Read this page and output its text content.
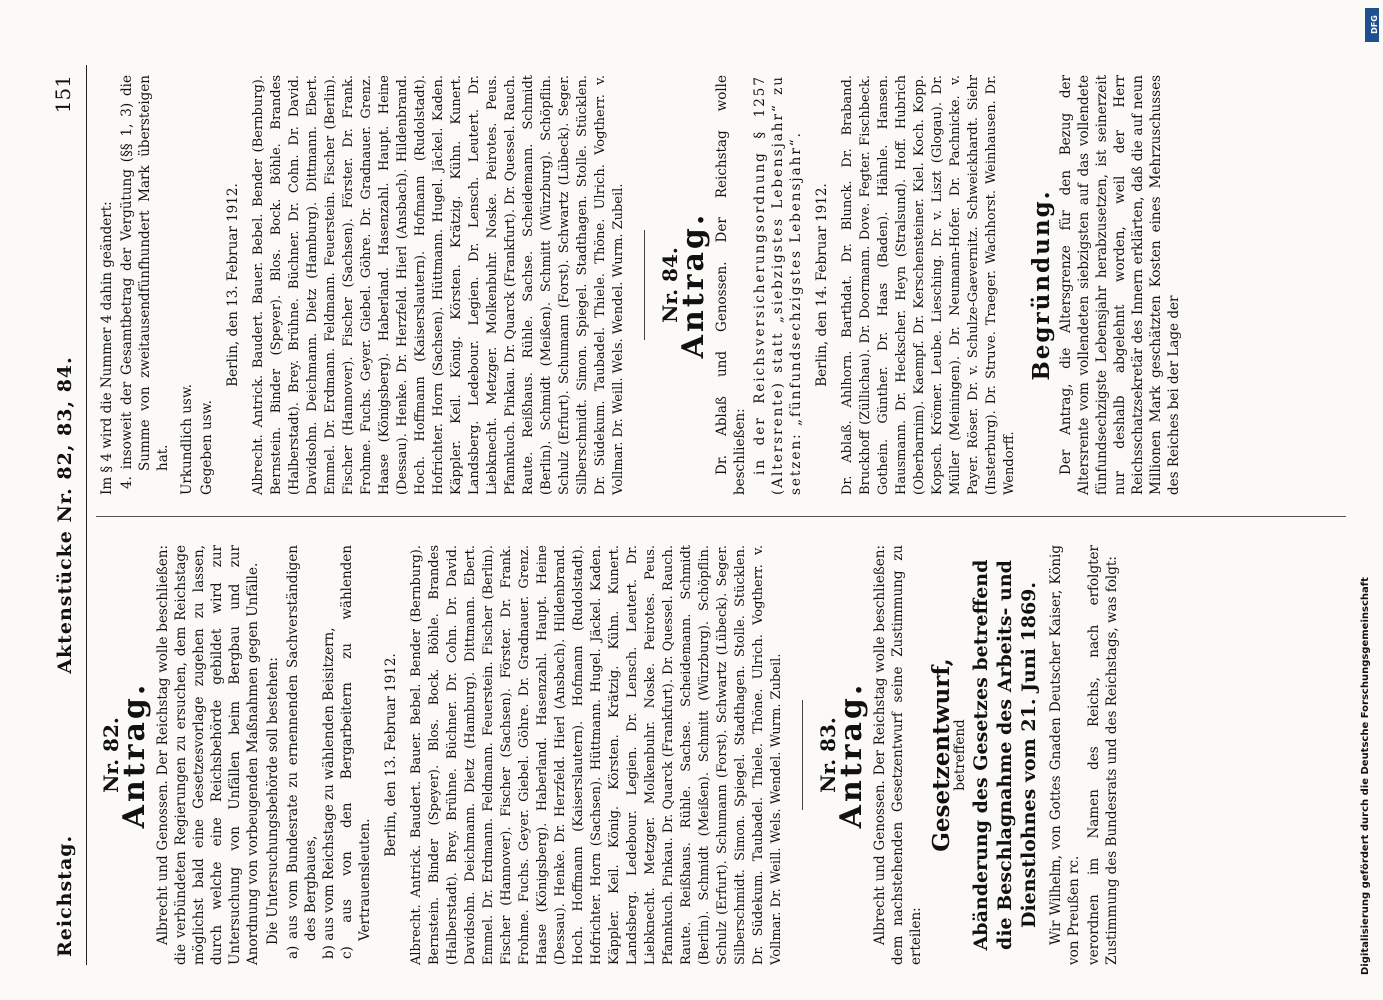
Reichstag.
Aktenstücke Nr. 82, 83, 84.
151
Nr. 82.
Antrag. Albrecht und Genossen. Der Reichstag wolle beschließen: die verbündeten Regierungen zu ersuchen, dem Reichstage möglichst bald eine Gesetzesvorlage zugehen zu lassen, durch welche eine Reichsbehörde gebildet wird zur Untersuchung von Unfällen beim Bergbau und zur Anordnung von vorbeugenden Maßnahmen gegen Unfälle. Die Untersuchungsbehörde soll bestehen: a) aus vom Bundesrate zu ernennenden Sachverständigen des Bergbaues, b) aus vom Reichstage zu wählenden Beisitzern, c) aus von den Bergarbeitern zu wählenden Vertrauensleuten.
Berlin, den 13. Februar 1912. Albrecht. Antrick. Baudert. Bauer. Bebel. Bender (Bernburg). Bernstein. Binder (Speyer). Blos. Bock. Böhle. Brandes (Halberstadt). Brey. Brühne. Büchner. Dr. Cohn. Dr. David. Davidsohn. Deichmann. Dietz (Hamburg). Dittmann. Ebert. Emmel. Dr. Erdmann. Feldmann. Feuerstein. Fischer (Berlin). Fischer (Hannover). Fischer (Sachsen). Förster. Dr. Frank. Frohme. Fuchs. Geyer. Giebel. Göhre. Dr. Gradnauer. Grenz. Haase (Königsberg). Haberland. Hasenzahl. Haupt. Heine (Dessau). Henke. Dr. Herzfeld. Hierl (Ansbach). Hildenbrand. Hoch. Hoffmann (Kaiserslautern). Hofmann (Rudolstadt). Hofrichter. Horn (Sachsen). Hüttmann. Hugel. Jäckel. Kaden. Käppler. Keil. König. Körsten. Krätzig. Kühn. Kunert. Landsberg. Ledebour. Legien. Dr. Lensch. Leutert. Dr. Liebknecht. Metzger. Molkenbuhr. Noske. Peirotes. Peus. Pfannkuch. Pinkau. Dr. Quarck (Frankfurt). Dr. Quessel. Rauch. Raute. Reißhaus. Rühle. Sachse. Scheidemann. Schmidt (Berlin). Schmidt (Meißen). Schmitt (Würzburg). Schöpflin. Schulz (Erfurt). Schumann (Forst). Schwartz (Lübeck). Seger. Silberschmidt. Simon. Spiegel. Stadthagen. Stolle. Stücklen. Dr. Südekum. Taubadel. Thiele. Thöne. Ulrich. Vogtherr. v. Vollmar. Dr. Weill. Wels. Wendel. Wurm. Zubeil. Nr. 83.
Antrag. Albrecht und Genossen. Der Reichstag wolle beschließen: dem nachstehenden Gesetzentwurf seine Zustimmung zu erteilen:
Gesetzentwurf,
betreffend Abänderung des Gesetzes betreffend die Beschlagnahme des Arbeits- und Dienstlohnes vom 21. Juni 1869. Wir Wilhelm, von Gottes Gnaden Deutscher Kaiser, König von Preußen rc. verordnen im Namen des Reichs, nach erfolgter Zustimmung des Bundesrats und des Reichstags, was folgt:
Im § 4 wird die Nummer 4 dahin geändert: 4. insoweit der Gesamtbetrag der Vergütung (§§ 1, 3) die Summe von zweitausendfünfhundert Mark übersteigen hat. Urkundlich usw. Gegeben usw.
Berlin, den 13. Februar 1912. Albrecht. Antrick. Baudert. Bauer. Bebel. Bender (Bernburg). Bernstein. Binder (Speyer). Blos. Bock. Böhle. Brandes (Halberstadt). Brey. Brühne. Büchner. Dr. Cohn. Dr. David. Davidsohn. Deichmann. Dietz (Hamburg). Dittmann. Ebert. Emmel. Dr. Erdmann. Feldmann. Feuerstein. Fischer (Berlin). Fischer (Hannover). Fischer (Sachsen). Förster. Dr. Frank. Frohme. Fuchs. Geyer. Giebel. Göhre. Dr. Gradnauer. Grenz. Haase (Königsberg). Haberland. Hasenzahl. Haupt. Heine (Dessau). Henke. Dr. Herzfeld. Hierl (Ansbach). Hildenbrand. Hoch. Hoffmann (Kaiserslautern). Hofmann (Rudolstadt). Hofrichter. Horn (Sachsen). Hüttmann. Hugel. Jäckel. Kaden. Käppler. Keil. König. Körsten. Krätzig. Kühn. Kunert. Landsberg. Ledebour. Legien. Dr. Lensch. Leutert. Dr. Liebknecht. Metzger. Molkenbuhr. Noske. Peirotes. Peus. Pfannkuch. Pinkau. Dr. Quarck (Frankfurt). Dr. Quessel. Rauch. Raute. Reißhaus. Rühle. Sachse. Scheidemann. Schmidt (Berlin). Schmidt (Meißen). Schmitt (Würzburg). Schöpflin. Schulz (Erfurt). Schumann (Forst). Schwartz (Lübeck). Seger. Silberschmidt. Simon. Spiegel. Stadthagen. Stolle. Stücklen. Dr. Südekum. Taubadel. Thiele. Thöne. Ulrich. Vogtherr. v. Vollmar. Dr. Weill. Wels. Wendel. Wurm. Zubeil. Nr. 84.
Antrag. Dr. Ablaß und Genossen. Der Reichstag wolle beschließen: in der Reichsversicherungsordnung § 1257 (Altersrente) statt „siebzigstes Lebensjahr“ zu setzen: „fünfundsechzigstes Lebensjahr“. Berlin, den 14. Februar 1912. Dr. Ablaß. Ahlhorn. Barthdat. Dr. Blunck. Dr. Braband. Bruckhoff (Züllichau). Dr. Doormann. Dove. Fegter. Fischbeck. Gothein. Günther. Dr. Haas (Baden). Hähnle. Hansen. Hausmann. Dr. Heckscher. Heyn (Stralsund). Hoff. Hubrich (Oberbarnim). Kaempf. Dr. Kerschensteiner. Kiel. Koch. Kopp. Kopsch. Krömer. Leube. Liesching. Dr. v. Liszt (Glogau). Dr. Müller (Meiningen). Dr. Neumann-Hofer. Dr. Pachnicke. v. Payer. Röser. Dr. v. Schulze-Gaevernitz. Schweickhardt. Siehr (Insterburg). Dr. Struve. Traeger. Wachhorst. Weinhausen. Dr. Wendorff.
Begründung. Der Antrag, die Altersgrenze für den Bezug der Altersrente vom vollendeten siebzigsten auf das vollendete fünfundsechzigste Lebensjahr herabzusetzen, ist seinerzeit nur deshalb abgelehnt worden, weil der Herr Reichsschatzsekretär des Innern erklärten, daß die auf neun Millionen Mark geschätzten Kosten eines Mehrzuschusses des Reiches bei der Lage der
Digitalisierung gefördert durch die Deutsche Forschungsgemeinschaft
DFG
